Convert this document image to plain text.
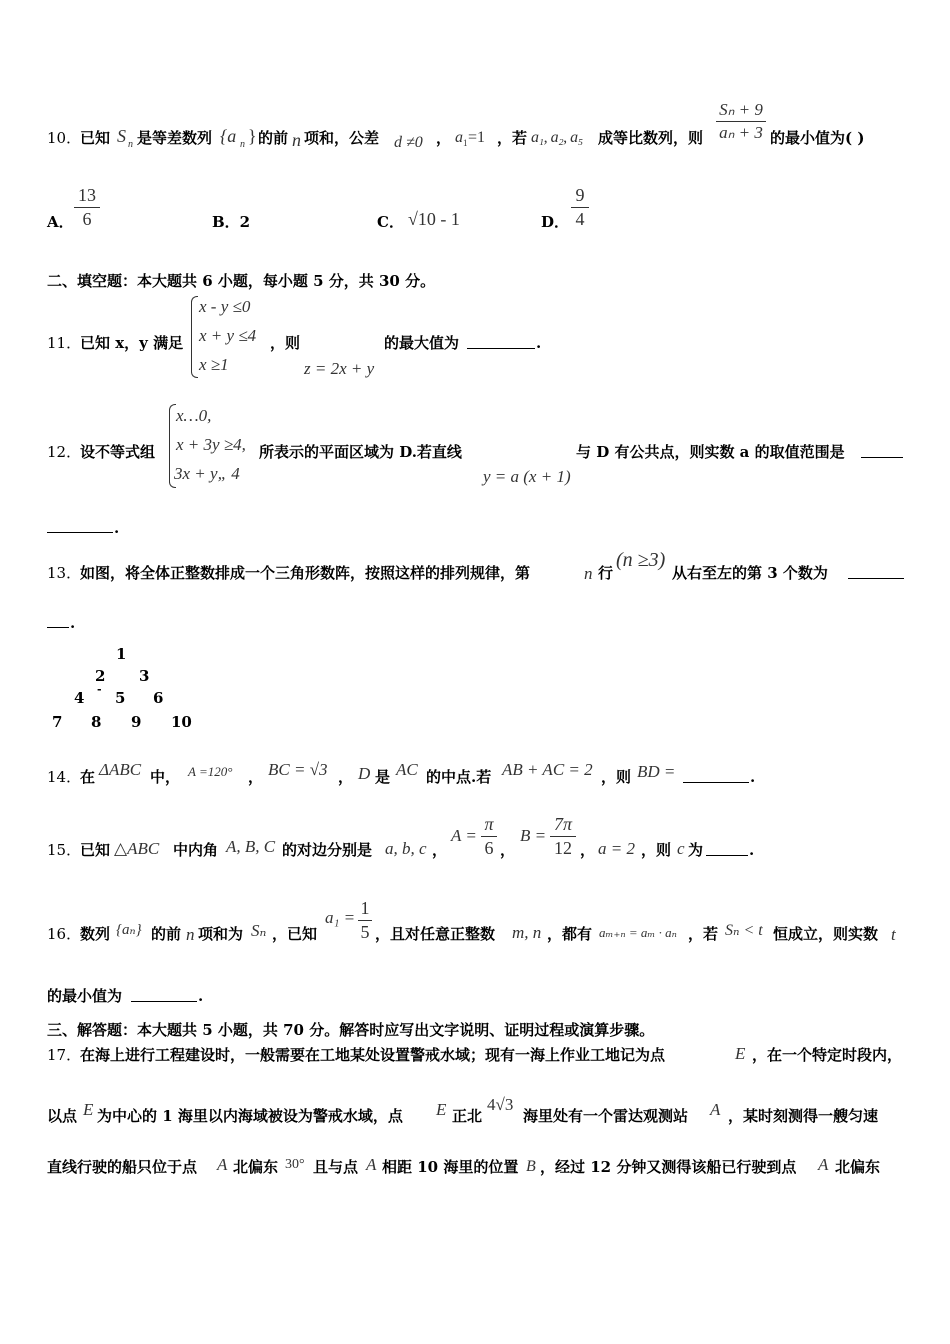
10．
已知 S n 是等差数列 {a n } 的前 n 项和，公差 d ≠0 ， a 1 =1 ，若 a₁, a₂, a₅ 成等比数列，则
Sₙ + 9
aₙ + 3 的最小值为( )
A．
13
6	B．2	C． √10 - 1	D．
9
4
二、填空题：本大题共 6 小题，每小题 5 分，共 30 分。
11．
已知 x，y 满足
x - y ≤0
x + y ≤4
x ≥1
，则
z = 2x + y
的最大值为	.
12．
设不等式组
x…0,
x + 3y ≥4,
3x + y„ 4
所表示的平面区域为 D.若直线
y = a (x + 1)
与 D 有公共点，则实数 a 的取值范围是
.
13．
如图，将全体正整数排成一个三角形数阵，按照这样的排列规律，第	n 行
(n ≥3)
从右至左的第 3 个数为
.
1
2 3
4 - 5 6
7 8 9 10
14．
在 ΔABC 中， A =120° ， BC = √3 ， D 是 AC 的中点.若 AB + AC = 2 ，则 BD =	.
15．
已知 △ABC 中内角 A, B, C 的对边分别是 a, b, c ，
A =
π
6 ，
B =
7π
12 ， a = 2 ，则 c 为	.
16．
数列 {aₙ} 的前 n 项和为 Sₙ ，已知
a₁ = 1
5 ，且对任意正整数 m, n ，都有 aₘ₊ₙ = aₘ · aₙ ，若 Sₙ < t 恒成立，则实数 t
的最小值为	.
三、解答题：本大题共 5 小题，共 70 分。解答时应写出文字说明、证明过程或演算步骤。
17．
在海上进行工程建设时，一般需要在工地某处设置警戒水域；现有一海上作业工地记为点	E ，在一个特定时段内，
以点 E 为中心的 1 海里以内海域被设为警戒水域，点 E 正北
4√3
海里处有一个雷达观测站 A ，某时刻测得一艘匀速
直线行驶的船只位于点 A 北偏东 30° 且与点 A 相距 10 海里的位置 B ，经过 12 分钟又测得该船已行驶到点 A 北偏东
